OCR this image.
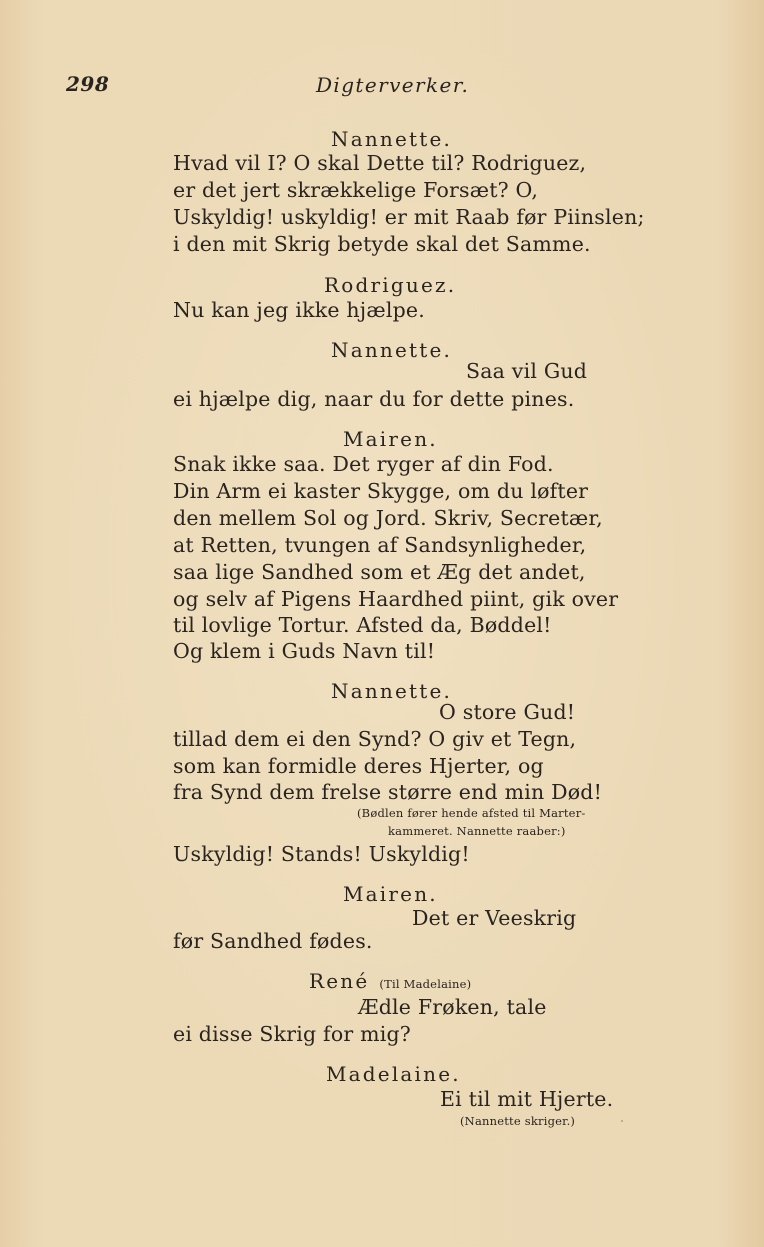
298	Digterverker.
Nannette.
Hvad vil I? O skal Dette til? Rodriguez,
er det jert skrækkelige Forsæt? O,
Uskyldig! uskyldig! er mit Raab før Piinslen;
i den mit Skrig betyde skal det Samme.
Rodriguez.
Nu kan jeg ikke hjælpe.
Nannette.
Saa vil Gud
ei hjælpe dig, naar du for dette pines.
Mairen.
Snak ikke saa. Det ryger af din Fod.
Din Arm ei kaster Skygge, om du løfter
den mellem Sol og Jord. Skriv, Secretær,
at Retten, tvungen af Sandsynligheder,
saa lige Sandhed som et Æg det andet,
og selv af Pigens Haardhed piint, gik over
til lovlige Tortur. Afsted da, Bøddel!
Og klem i Guds Navn til!
Nannette.
O store Gud!
tillad dem ei den Synd? O giv et Tegn,
som kan formidle deres Hjerter, og
fra Synd dem frelse større end min Død!
(Bødlen fører hende afsted til Marter-
kammeret. Nannette raaber:)
Uskyldig! Stands! Uskyldig!
Mairen.
Det er Veeskrig
før Sandhed fødes.
René (Til Madelaine)
Ædle Frøken, tale
ei disse Skrig for mig?
Madelaine.
Ei til mit Hjerte.
(Nannette skriger.)
